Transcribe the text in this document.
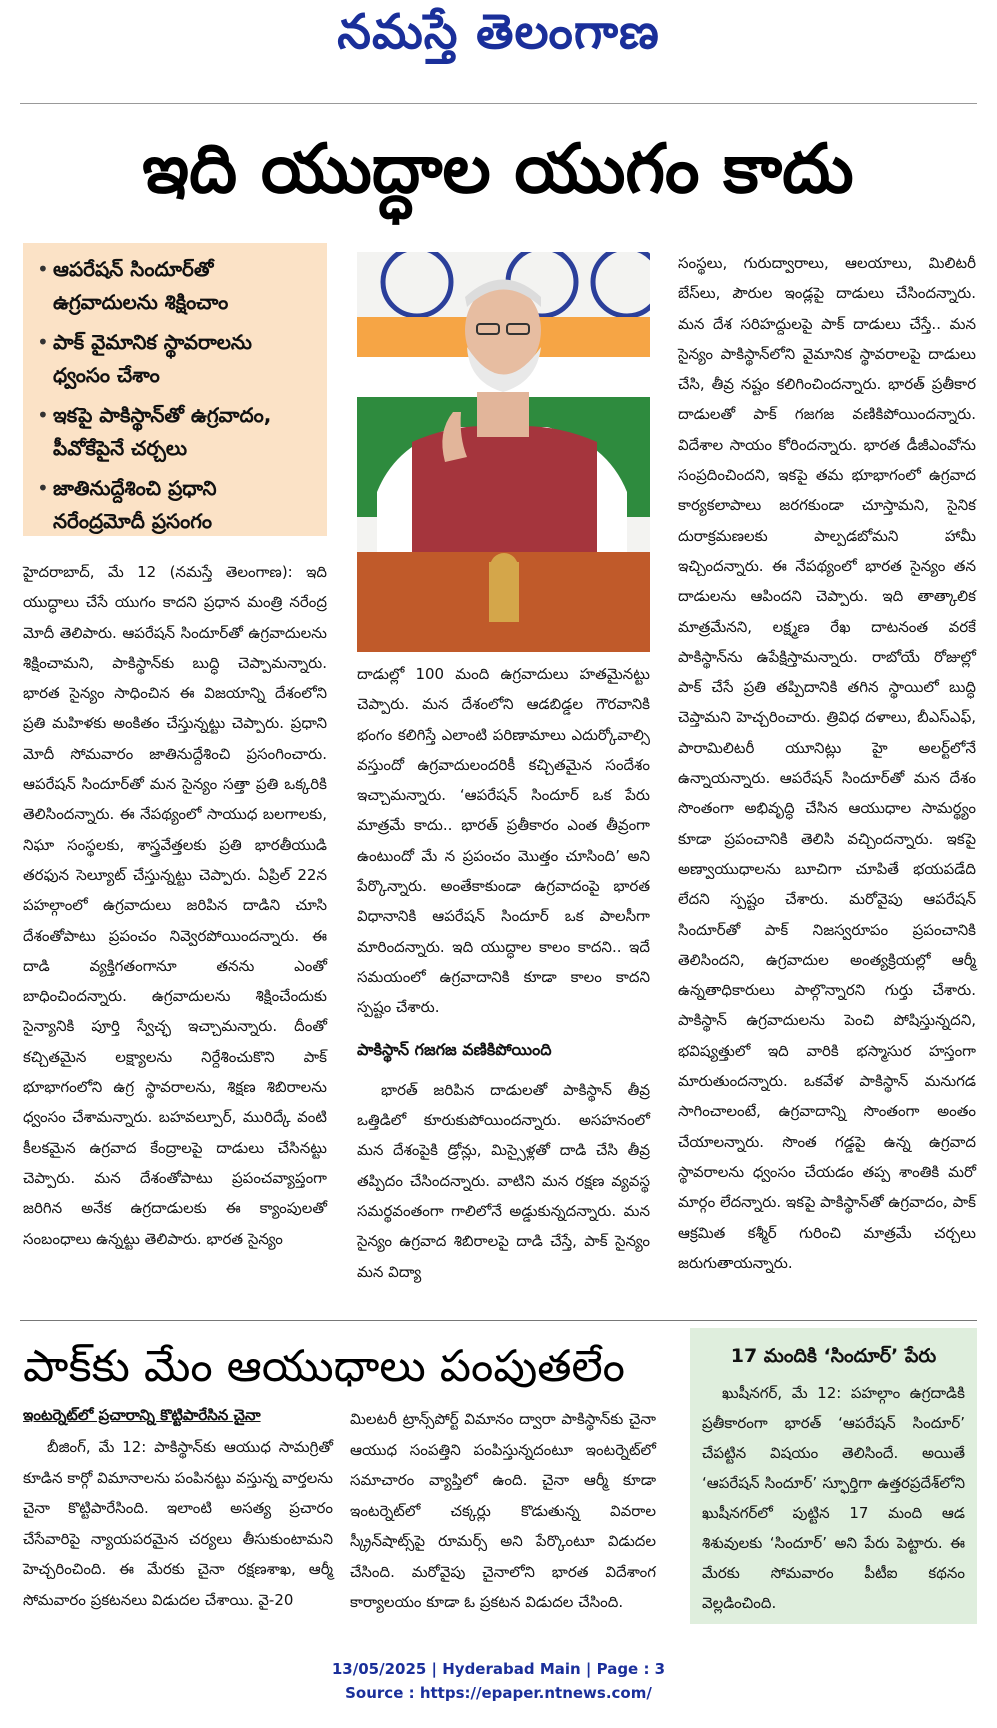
నమస్తే తెలంగాణ
ఇది యుద్ధాల యుగం కాదు
• ఆపరేషన్ సిందూర్‌తో ఉగ్రవాదులను శిక్షించాం
• పాక్ వైమానిక స్థావరాలను ధ్వంసం చేశాం
• ఇకపై పాకిస్థాన్‌తో ఉగ్రవాదం, పీవోకేపైనే చర్చలు
• జాతినుద్దేశించి ప్రధాని నరేంద్రమోదీ ప్రసంగం

హైదరాబాద్, మే 12 (నమస్తే తెలంగాణ): ఇది యుద్ధాలు చేసే యుగం కాదని ప్రధాన మంత్రి నరేంద్ర మోదీ తెలిపారు. ఆపరేషన్ సిందూర్‌తో ఉగ్రవాదులను శిక్షించామని, పాకిస్థాన్‌కు బుద్ధి చెప్పామన్నారు. భారత సైన్యం సాధించిన ఈ విజయాన్ని దేశంలోని ప్రతి మహిళకు అంకితం చేస్తున్నట్టు చెప్పారు. ప్రధాని మోదీ సోమవారం జాతినుద్దేశించి ప్రసంగించారు. ఆపరేషన్ సిందూర్‌తో మన సైన్యం సత్తా ప్రతి ఒక్కరికి తెలిసిందన్నారు. ఈ నేపథ్యంలో సాయుధ బలగాలకు, నిఘా సంస్థలకు, శాస్త్రవేత్తలకు ప్రతి భారతీయుడి తరఫున సెల్యూట్ చేస్తున్నట్టు చెప్పారు. ఏప్రిల్ 22న పహల్గాంలో ఉగ్రవాదులు జరిపిన దాడిని చూసి దేశంతోపాటు ప్రపంచం నివ్వెరపోయిందన్నారు. ఈ దాడి వ్యక్తిగతంగానూ తనను ఎంతో బాధించిందన్నారు. ఉగ్రవాదులను శిక్షించేందుకు సైన్యానికి పూర్తి స్వేచ్ఛ ఇచ్చామన్నారు. దీంతో కచ్చితమైన లక్ష్యాలను నిర్దేశించుకొని పాక్ భూభాగంలోని ఉగ్ర స్థావరాలను, శిక్షణ శిబిరాలను ధ్వంసం చేశామన్నారు. బహవల్పూర్, మురిద్కే వంటి కీలకమైన ఉగ్రవాద కేంద్రాలపై దాడులు చేసినట్టు చెప్పారు. మన దేశంతోపాటు ప్రపంచవ్యాప్తంగా జరిగిన అనేక ఉగ్రదాడులకు ఈ క్యాంపులతో సంబంధాలు ఉన్నట్టు తెలిపారు. భారత సైన్యం

దాడుల్లో 100 మంది ఉగ్రవాదులు హతమైనట్టు చెప్పారు. మన దేశంలోని ఆడబిడ్డల గౌరవానికి భంగం కలిగిస్తే ఎలాంటి పరిణామాలు ఎదుర్కోవాల్సి వస్తుందో ఉగ్రవాదులందరికీ కచ్చితమైన సందేశం ఇచ్చామన్నారు. ‘ఆపరేషన్ సిందూర్ ఒక పేరు మాత్రమే కాదు.. భారత్ ప్రతీకారం ఎంత తీవ్రంగా ఉంటుందో మే న ప్రపంచం మొత్తం చూసింది’ అని పేర్కొన్నారు. అంతేకాకుండా ఉగ్రవాదంపై భారత విధానానికి ఆపరేషన్ సిందూర్ ఒక పాలసీగా మారిందన్నారు. ఇది యుద్ధాల కాలం కాదని.. ఇదే సమయంలో ఉగ్రవాదానికి కూడా కాలం కాదని స్పష్టం చేశారు.

పాకిస్థాన్ గజగజ వణికిపోయింది

భారత్ జరిపిన దాడులతో పాకిస్థాన్ తీవ్ర ఒత్తిడిలో కూరుకుపోయిందన్నారు. అసహనంలో మన దేశంపైకి డ్రోన్లు, మిస్సైళ్లతో దాడి చేసి తీవ్ర తప్పిదం చేసిందన్నారు. వాటిని మన రక్షణ వ్యవస్థ సమర్థవంతంగా గాలిలోనే అడ్డుకున్నదన్నారు. మన సైన్యం ఉగ్రవాద శిబిరాలపై దాడి చేస్తే, పాక్ సైన్యం మన విద్యా

సంస్థలు, గురుద్వారాలు, ఆలయాలు, మిలిటరీ బేస్‌లు, పౌరుల ఇండ్లపై దాడులు చేసిందన్నారు. మన దేశ సరిహద్దులపై పాక్ దాడులు చేస్తే.. మన సైన్యం పాకిస్థాన్‌లోని వైమానిక స్థావరాలపై దాడులు చేసి, తీవ్ర నష్టం కలిగించిందన్నారు. భారత్ ప్రతీకార దాడులతో పాక్ గజగజ వణికిపోయిందన్నారు. విదేశాల సాయం కోరిందన్నారు. భారత డీజీఎంవోను సంప్రదించిందని, ఇకపై తమ భూభాగంలో ఉగ్రవాద కార్యకలాపాలు జరగకుండా చూస్తామని, సైనిక దురాక్రమణలకు పాల్పడబోమని హామీ ఇచ్చిందన్నారు. ఈ నేపథ్యంలో భారత సైన్యం తన దాడులను ఆపిందని చెప్పారు. ఇది తాత్కాలిక మాత్రమేనని, లక్ష్మణ రేఖ దాటనంత వరకే పాకిస్థాన్‌ను ఉపేక్షిస్తామన్నారు. రాబోయే రోజుల్లో పాక్ చేసే ప్రతి తప్పిదానికి తగిన స్థాయిలో బుద్ధి చెప్తామని హెచ్చరించారు. త్రివిధ దళాలు, బీఎస్‌ఎఫ్, పారామిలిటరీ యూనిట్లు హై అలర్ట్‌లోనే ఉన్నాయన్నారు. ఆపరేషన్ సిందూర్‌తో మన దేశం సొంతంగా అభివృద్ధి చేసిన ఆయుధాల సామర్థ్యం కూడా ప్రపంచానికి తెలిసి వచ్చిందన్నారు. ఇకపై అణ్వాయుధాలను బూచిగా చూపితే భయపడేది లేదని స్పష్టం చేశారు. మరోవైపు ఆపరేషన్ సిందూర్‌తో పాక్ నిజస్వరూపం ప్రపంచానికి తెలిసిందని, ఉగ్రవాదుల అంత్యక్రియల్లో ఆర్మీ ఉన్నతాధికారులు పాల్గొన్నారని గుర్తు చేశారు. పాకిస్థాన్ ఉగ్రవాదులను పెంచి పోషిస్తున్నదని, భవిష్యత్తులో ఇది వారికి భస్మాసుర హస్తంగా మారుతుందన్నారు. ఒకవేళ పాకిస్థాన్ మనుగడ సాగించాలంటే, ఉగ్రవాదాన్ని సొంతంగా అంతం చేయాలన్నారు. సొంత గడ్డపై ఉన్న ఉగ్రవాద స్థావరాలను ధ్వంసం చేయడం తప్ప శాంతికి మరో మార్గం లేదన్నారు. ఇకపై పాకిస్థాన్‌తో ఉగ్రవాదం, పాక్ ఆక్రమిత కశ్మీర్ గురించి మాత్రమే చర్చలు జరుగుతాయన్నారు.

పాక్‌కు మేం ఆయుధాలు పంపుతలేం
ఇంటర్నెట్‌లో ప్రచారాన్ని కొట్టిపారేసిన చైనా
బీజింగ్, మే 12: పాకిస్థాన్‌కు ఆయుధ సామగ్రితో కూడిన కార్గో విమానాలను పంపినట్టు వస్తున్న వార్తలను చైనా కొట్టిపారేసింది. ఇలాంటి అసత్య ప్రచారం చేసేవారిపై న్యాయపరమైన చర్యలు తీసుకుంటామని హెచ్చరించింది. ఈ మేరకు చైనా రక్షణశాఖ, ఆర్మీ సోమవారం ప్రకటనలు విడుదల చేశాయి. వై-20
మిలటరీ ట్రాన్స్‌పోర్ట్ విమానం ద్వారా పాకిస్థాన్‌కు చైనా ఆయుధ సంపత్తిని పంపిస్తున్నదంటూ ఇంటర్నెట్‌లో సమాచారం వ్యాప్తిలో ఉంది. చైనా ఆర్మీ కూడా ఇంటర్నెట్‌లో చక్కర్లు కొడుతున్న వివరాల స్క్రీన్‌షాట్స్‌పై రూమర్స్ అని పేర్కొంటూ విడుదల చేసింది. మరోవైపు చైనాలోని భారత విదేశాంగ కార్యాలయం కూడా ఓ ప్రకటన విడుదల చేసింది.
17 మందికి ‘సిందూర్’ పేరు
ఖుషీనగర్, మే 12: పహల్గాం ఉగ్రదాడికి ప్రతీకారంగా భారత్ ‘ఆపరేషన్ సిందూర్’ చేపట్టిన విషయం తెలిసిందే. అయితే ‘ఆపరేషన్ సిందూర్’ స్ఫూర్తిగా ఉత్తరప్రదేశ్‌లోని ఖుషీనగర్‌లో పుట్టిన 17 మంది ఆడ శిశువులకు ‘సిందూర్’ అని పేరు పెట్టారు. ఈ మేరకు సోమవారం పీటీఐ కథనం వెల్లడించింది.
13/05/2025 | Hyderabad Main | Page : 3
Source : https://epaper.ntnews.com/
